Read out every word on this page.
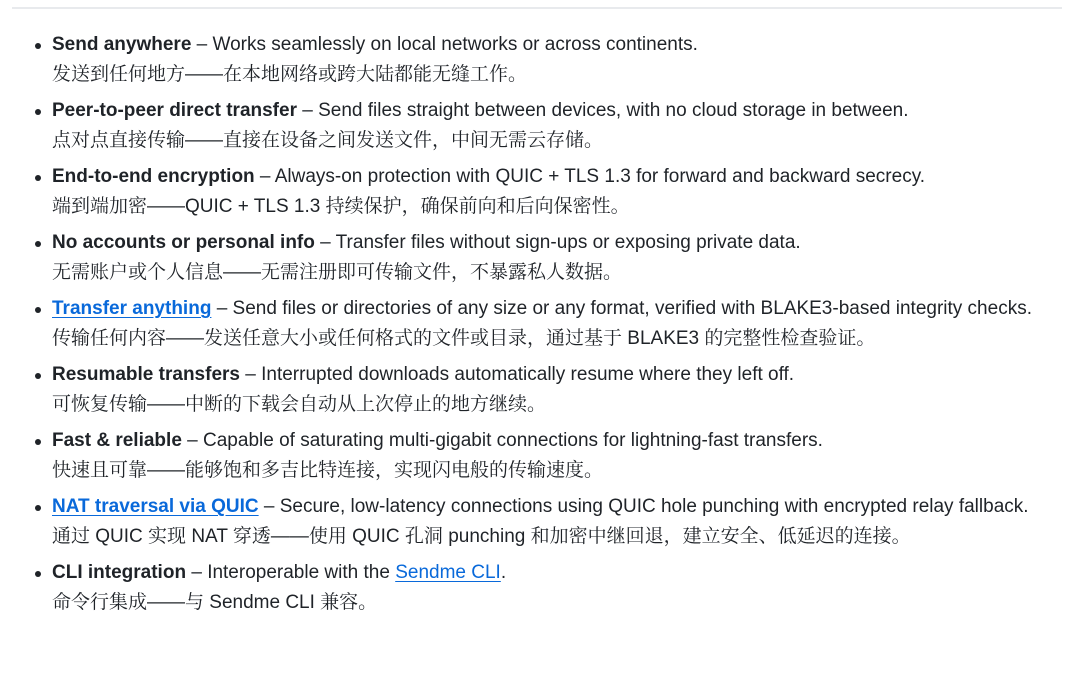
Send anywhere – Works seamlessly on local networks or across continents.
发送到任何地方——在本地网络或跨大陆都能无缝工作。
Peer-to-peer direct transfer – Send files straight between devices, with no cloud storage in between.
点对点直接传输——直接在设备之间发送文件，中间无需云存储。
End-to-end encryption – Always-on protection with QUIC + TLS 1.3 for forward and backward secrecy.
端到端加密——QUIC + TLS 1.3 持续保护，确保前向和后向保密性。
No accounts or personal info – Transfer files without sign-ups or exposing private data.
无需账户或个人信息——无需注册即可传输文件，不暴露私人数据。
Transfer anything – Send files or directories of any size or any format, verified with BLAKE3-based integrity checks.
传输任何内容——发送任意大小或任何格式的文件或目录，通过基于 BLAKE3 的完整性检查验证。
Resumable transfers – Interrupted downloads automatically resume where they left off.
可恢复传输——中断的下载会自动从上次停止的地方继续。
Fast & reliable – Capable of saturating multi-gigabit connections for lightning-fast transfers.
快速且可靠——能够饱和多吉比特连接，实现闪电般的传输速度。
NAT traversal via QUIC – Secure, low-latency connections using QUIC hole punching with encrypted relay fallback.
通过 QUIC 实现 NAT 穿透——使用 QUIC 孔洞 punching 和加密中继回退，建立安全、低延迟的连接。
CLI integration – Interoperable with the Sendme CLI.
命令行集成——与 Sendme CLI 兼容。
